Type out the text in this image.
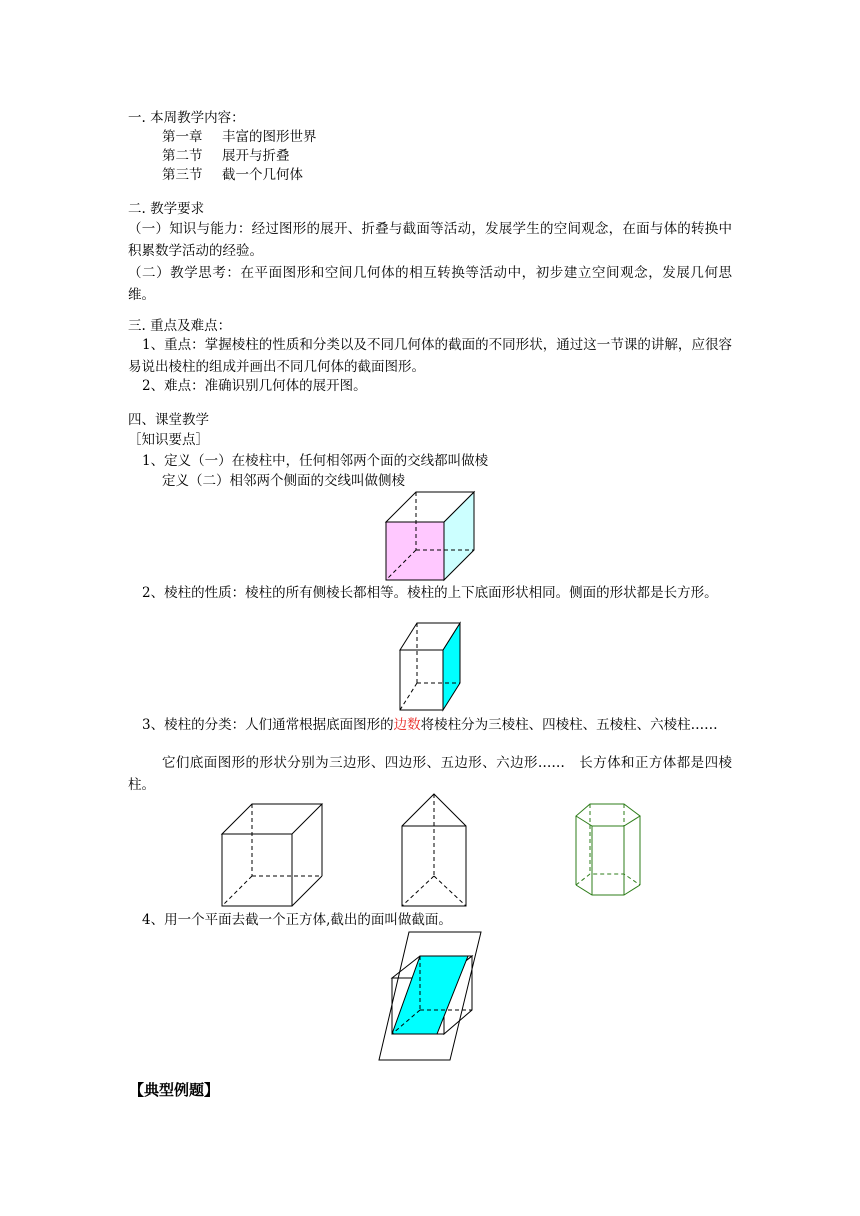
一. 本周教学内容：
第一章 丰富的图形世界
第二节 展开与折叠
第三节 截一个几何体
二. 教学要求
（一）知识与能力：经过图形的展开、折叠与截面等活动，发展学生的空间观念，在面与体的转换中积累数学活动的经验。
（二）教学思考：在平面图形和空间几何体的相互转换等活动中，初步建立空间观念，发展几何思维。
三. 重点及难点：
1、重点：掌握棱柱的性质和分类以及不同几何体的截面的不同形状，通过这一节课的讲解，应很容易说出棱柱的组成并画出不同几何体的截面图形。
2、难点：准确识别几何体的展开图。
四、课堂教学
［知识要点］
1、定义（一）在棱柱中，任何相邻两个面的交线都叫做棱
定义（二）相邻两个侧面的交线叫做侧棱
2、棱柱的性质：棱柱的所有侧棱长都相等。棱柱的上下底面形状相同。侧面的形状都是长方形。
3、棱柱的分类：人们通常根据底面图形的边数将棱柱分为三棱柱、四棱柱、五棱柱、六棱柱……
它们底面图形的形状分别为三边形、四边形、五边形、六边形……　长方体和正方体都是四棱柱。
4、用一个平面去截一个正方体,截出的面叫做截面。
【典型例题】
